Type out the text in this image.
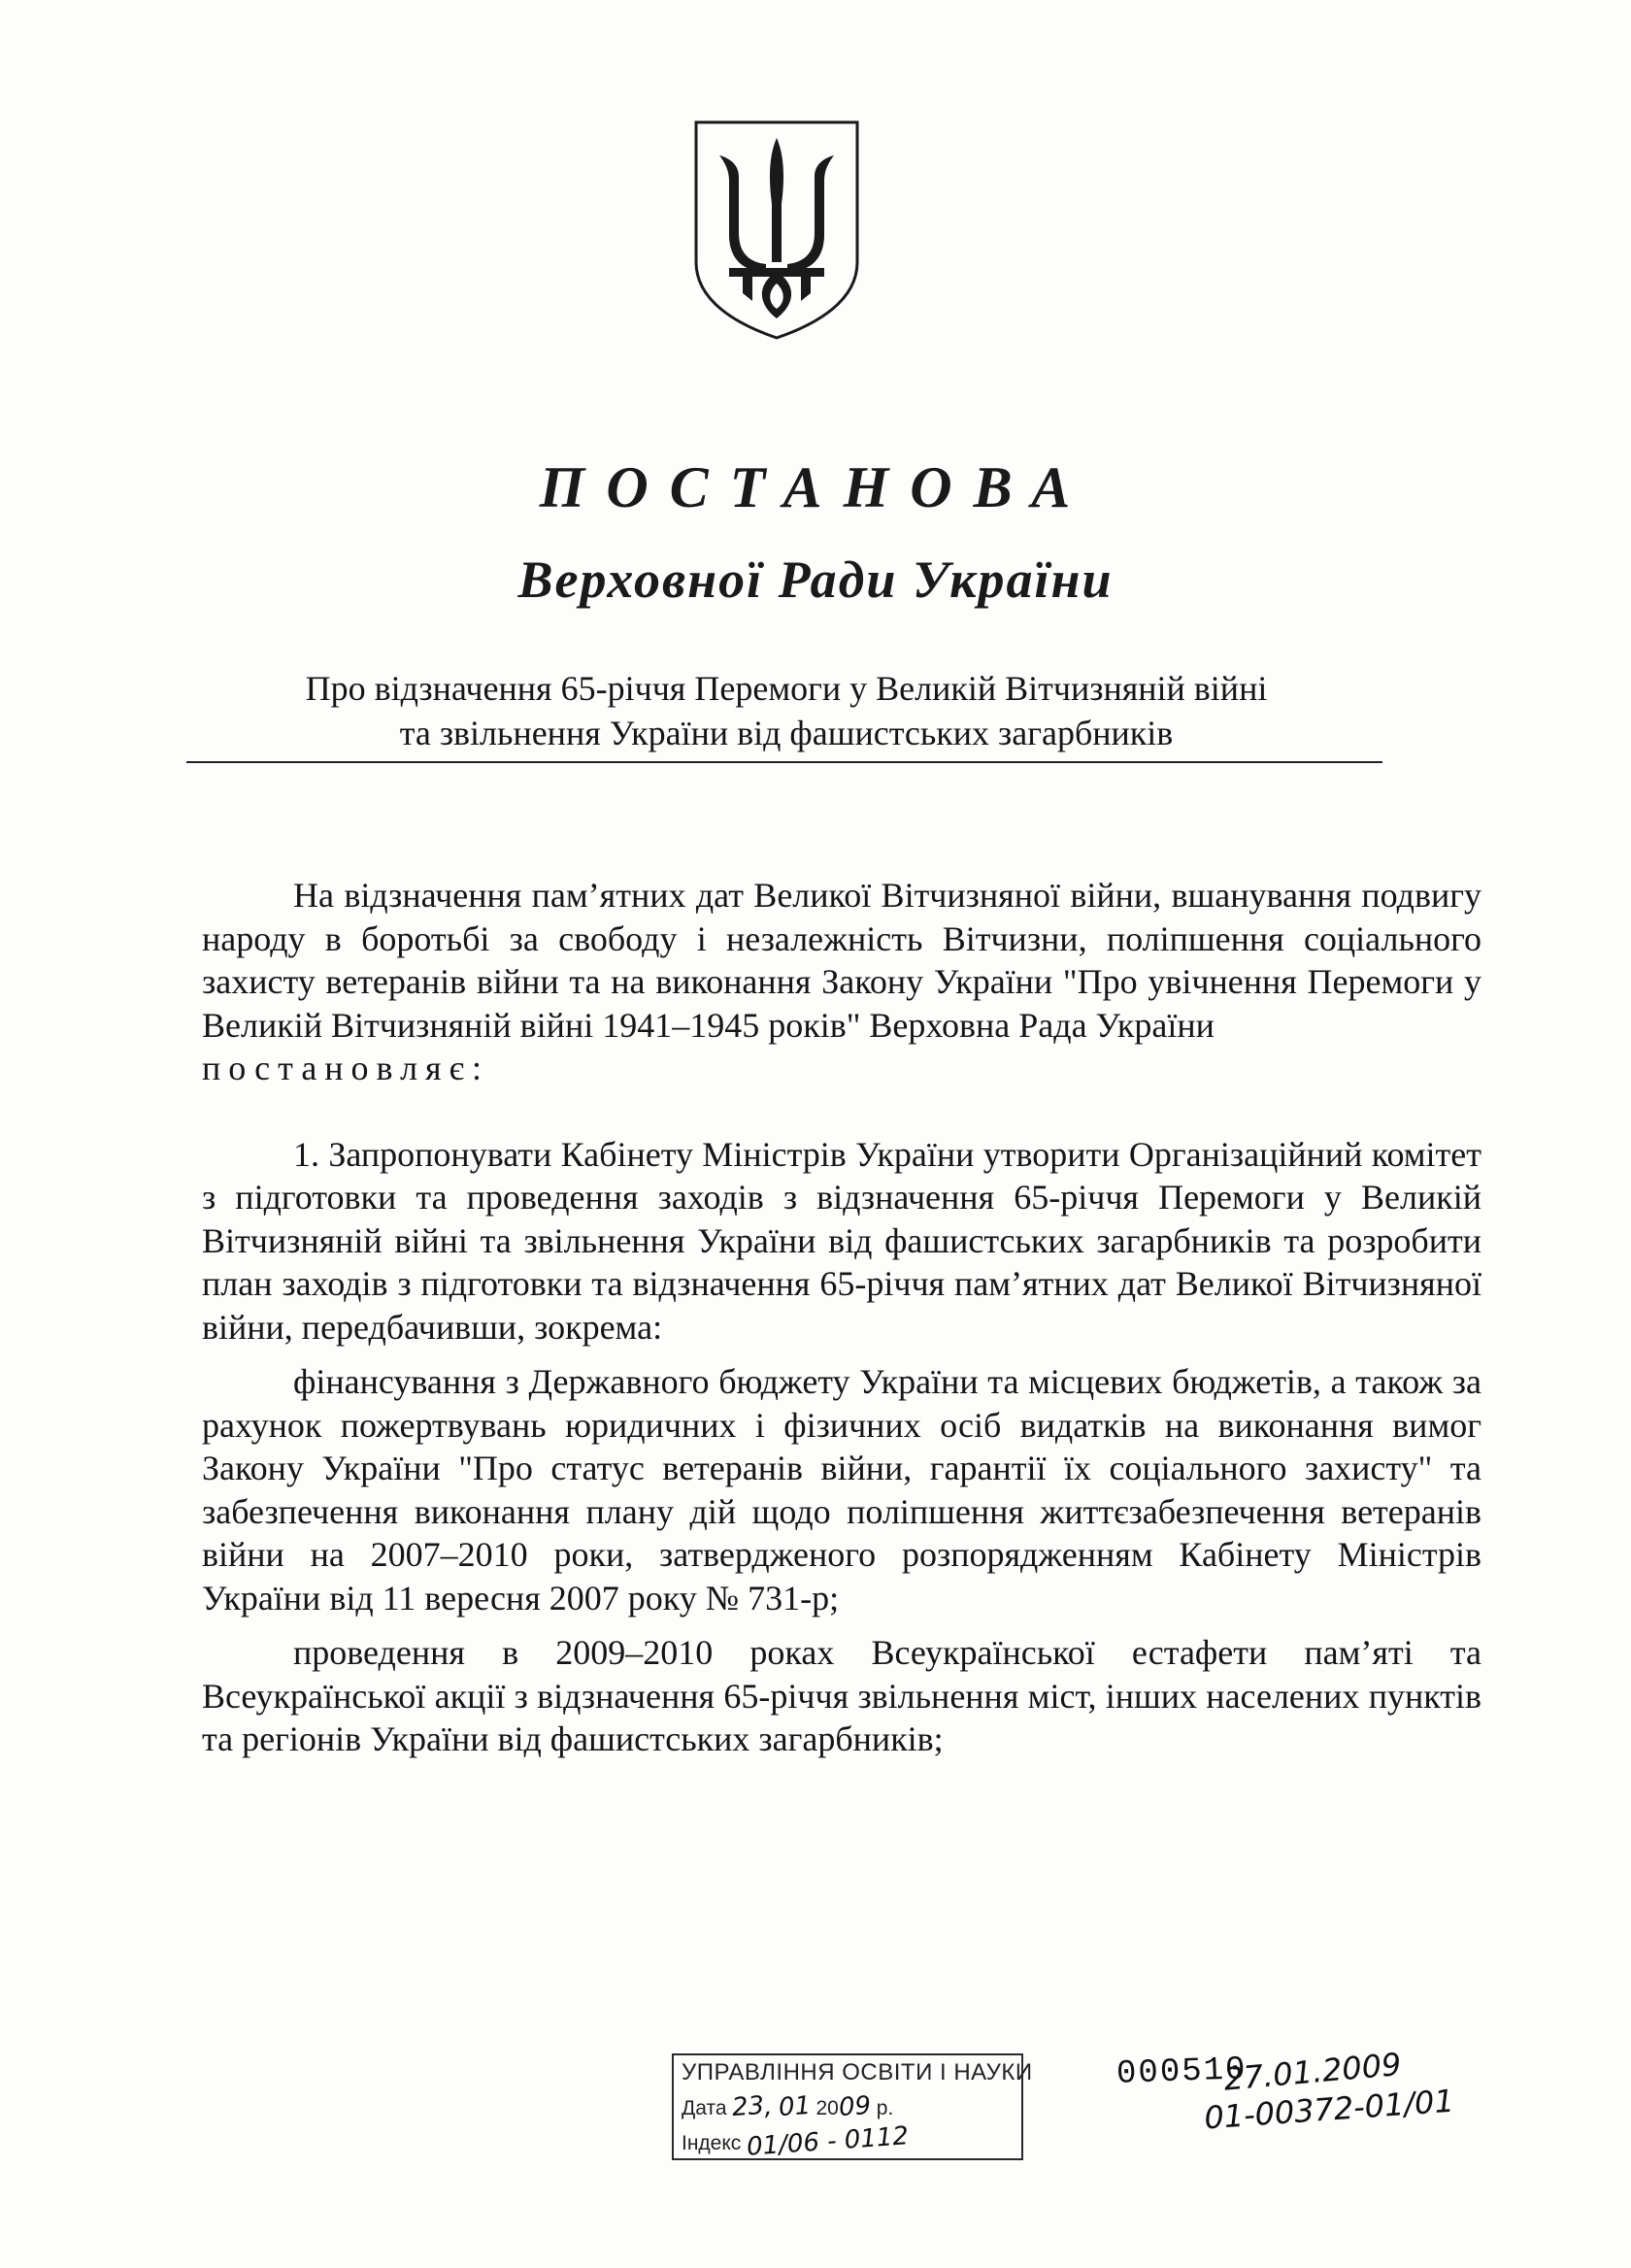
ПОСТАНОВА
Верховної Ради України
Про відзначення 65-річчя Перемоги у Великій Вітчизняній війні
та звільнення України від фашистських загарбників

На відзначення пам’ятних дат Великої Вітчизняної війни, вшанування подвигу народу в боротьбі за свободу і незалежність Вітчизни, поліпшення соціального захисту ветеранів війни та на виконання Закону України "Про увічнення Перемоги у Великій Вітчизняній війні 1941–1945 років" Верховна Рада України

постановляє:

1. Запропонувати Кабінету Міністрів України утворити Організаційний комітет з підготовки та проведення заходів з відзначення 65-річчя Перемоги у Великій Вітчизняній війні та звільнення України від фашистських загарбників та розробити план заходів з підготовки та відзначення 65-річчя пам’ятних дат Великої Вітчизняної війни, передбачивши, зокрема:

фінансування з Державного бюджету України та місцевих бюджетів, а також за рахунок пожертвувань юридичних і фізичних осіб видатків на виконання вимог Закону України "Про статус ветеранів війни, гарантії їх соціального захисту" та забезпечення виконання плану дій щодо поліпшення життєзабезпечення ветеранів війни на 2007–2010 роки, затвердженого розпорядженням Кабінету Міністрів України від 11 вересня 2007 року № 731-р;

проведення в 2009–2010 роках Всеукраїнської естафети пам’яті та Всеукраїнської акції з відзначення 65-річчя звільнення міст, інших населених пунктів та регіонів України від фашистських загарбників;

УПРАВЛІННЯ ОСВІТИ І НАУКИ
Дата 23, 01 2009 р.
Індекс 01/06 - 0112
000510
27.01.2009
01-00372-01/01
